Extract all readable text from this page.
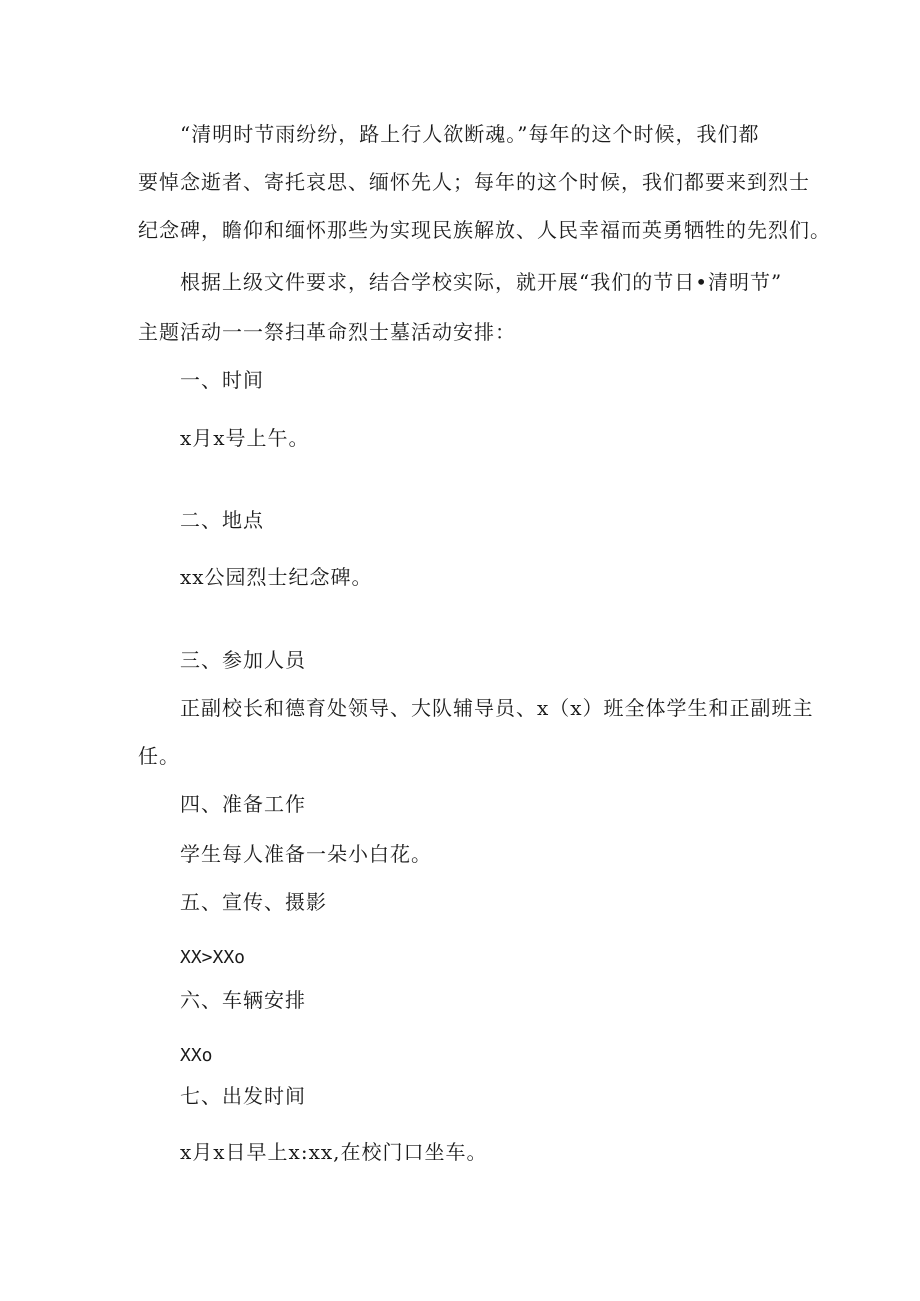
“清明时节雨纷纷，路上行人欲断魂。”每年的这个时候，我们都
要悼念逝者、寄托哀思、缅怀先人；每年的这个时候，我们都要来到烈士
纪念碑，瞻仰和缅怀那些为实现民族解放、人民幸福而英勇牺牲的先烈们。
根据上级文件要求，结合学校实际，就开展“我们的节日•清明节”
主题活动一一祭扫革命烈士墓活动安排：
一、时间
x月x号上午。
二、地点
xx公园烈士纪念碑。
三、参加人员
正副校长和德育处领导、大队辅导员、x（x）班全体学生和正副班主
任。
四、准备工作
学生每人准备一朵小白花。
五、宣传、摄影
XX>XXo
六、车辆安排
XXo
七、出发时间
x月x日早上x:xx,在校门口坐车。
